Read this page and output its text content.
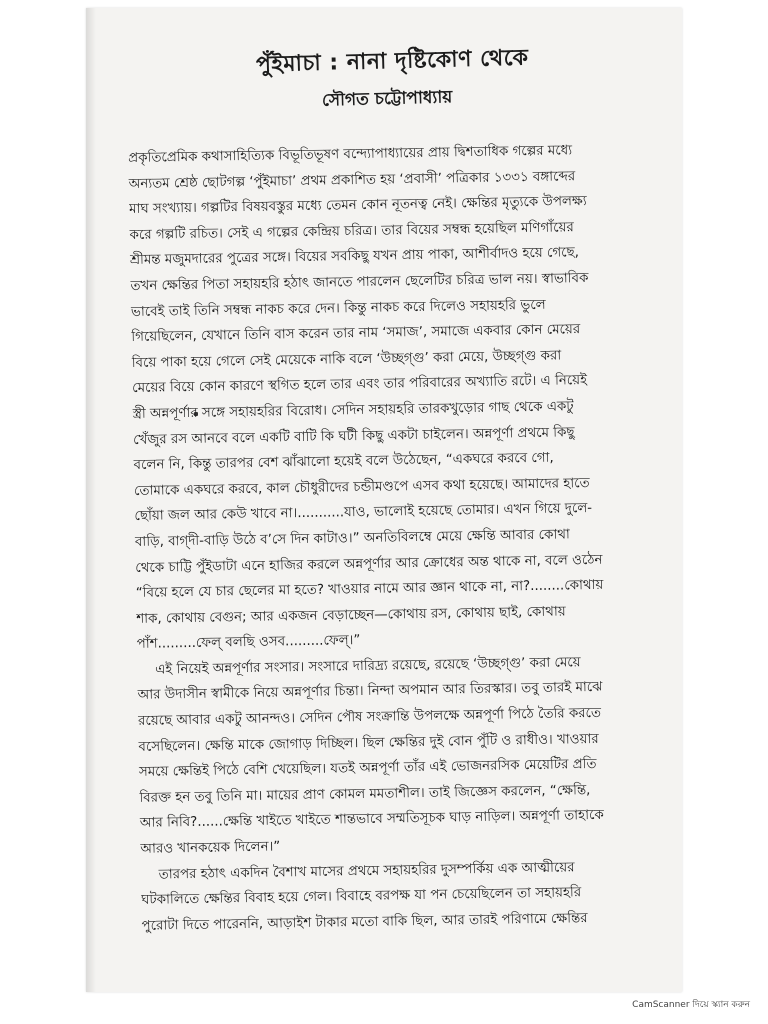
পুঁইমাচা : নানা দৃষ্টিকোণ থেকে
সৌগত চট্টোপাধ্যায়
প্রকৃতিপ্রেমিক কথাসাহিত্যিক বিভূতিভূষণ বন্দ্যোপাধ্যায়ের প্রায় দ্বিশতাধিক গল্পের মধ্যে
অন্যতম শ্রেষ্ঠ ছোটগল্প ‘পুঁইমাচা’ প্রথম প্রকাশিত হয় ‘প্রবাসী’ পত্রিকার ১৩৩১ বঙ্গাব্দের
মাঘ সংখ্যায়। গল্পটির বিষয়বস্তুর মধ্যে তেমন কোন নূতনত্ব নেই। ক্ষেন্তির মৃত্যুকে উপলক্ষ্য
করে গল্পটি রচিত। সেই এ গল্পের কেন্দ্রিয় চরিত্র। তার বিয়ের সম্বন্ধ হয়েছিল মণিগাঁয়ের
শ্রীমন্ত মজুমদারের পুত্রের সঙ্গে। বিয়ের সবকিছু যখন প্রায় পাকা, আশীর্বাদও হয়ে গেছে,
তখন ক্ষেন্তির পিতা সহায়হরি হঠাৎ জানতে পারলেন ছেলেটির চরিত্র ভাল নয়। স্বাভাবিক
ভাবেই তাই তিনি সম্বন্ধ নাকচ করে দেন। কিন্তু নাকচ করে দিলেও সহায়হরি ভুলে
গিয়েছিলেন, যেখানে তিনি বাস করেন তার নাম ‘সমাজ’, সমাজে একবার কোন মেয়ের
বিয়ে পাকা হয়ে গেলে সেই মেয়েকে নাকি বলে ‘উচ্ছগ্‌গু’ করা মেয়ে, উচ্ছগ্‌গু করা
মেয়ের বিয়ে কোন কারণে স্থগিত হলে তার এবং তার পরিবারের অখ্যাতি রটে। এ নিয়েই
স্ত্রী অন্নপূর্ণার সঙ্গে সহায়হরির বিরোধ। সেদিন সহায়হরি তারকখুড়োর গাছ থেকে একটু
খেঁজুর রস আনবে বলে একটি বাটি কি ঘটী কিছু একটা চাইলেন। অন্নপূর্ণা প্রথমে কিছু
বলেন নি, কিন্তু তারপর বেশ ঝাঁঝালো হয়েই বলে উঠেছেন, “একঘরে করবে গো,
তোমাকে একঘরে করবে, কাল চৌধুরীদের চন্ডীমণ্ডপে এসব কথা হয়েছে। আমাদের হাতে
ছোঁয়া জল আর কেউ খাবে না।...........যাও, ভালোই হয়েছে তোমার। এখন গিয়ে দুলে-
বাড়ি, বাগ্‌দী-বাড়ি উঠে ব’সে দিন কাটাও।” অনতিবিলম্বে মেয়ে ক্ষেন্তি আবার কোথা
থেকে চাট্টি পুঁইডাটা এনে হাজির করলে অন্নপূর্ণার আর ক্রোধের অন্ত থাকে না, বলে ওঠেন
“বিয়ে হলে যে চার ছেলের মা হতে? খাওয়ার নামে আর জ্ঞান থাকে না, না?........কোথায়
শাক, কোথায় বেগুন; আর একজন বেড়াচ্ছেন—কোথায় রস, কোথায় ছাই, কোথায়
পাঁশ.........ফেল্‌ বলছি ওসব.........ফেল্‌।”
এই নিয়েই অন্নপূর্ণার সংসার। সংসারে দারিদ্র্য রয়েছে, রয়েছে ‘উচ্ছগ্‌গু’ করা মেয়ে
আর উদাসীন স্বামীকে নিয়ে অন্নপূর্ণার চিন্তা। নিন্দা অপমান আর তিরস্কার। তবু তারই মাঝে
রয়েছে আবার একটু আনন্দও। সেদিন পৌষ সংক্রান্তি উপলক্ষে অন্নপূর্ণা পিঠে তৈরি করতে
বসেছিলেন। ক্ষেন্তি মাকে জোগাড় দিচ্ছিল। ছিল ক্ষেন্তির দুই বোন পুঁটি ও রাধীও। খাওয়ার
সময়ে ক্ষেন্তিই পিঠে বেশি খেয়েছিল। যতই অন্নপূর্ণা তাঁর এই ভোজনরসিক মেয়েটির প্রতি
বিরক্ত হন তবু তিনি মা। মায়ের প্রাণ কোমল মমতাশীল। তাই জিজ্ঞেস করলেন, “ক্ষেন্তি,
আর নিবি?......ক্ষেন্তি খাইতে খাইতে শান্তভাবে সম্মতিসূচক ঘাড় নাড়িল। অন্নপূর্ণা তাহাকে
আরও খানকয়েক দিলেন।”
তারপর হঠাৎ একদিন বৈশাখ মাসের প্রথমে সহায়হরির দুসম্পর্কিয় এক আত্মীয়ের
ঘটকালিতে ক্ষেন্তির বিবাহ হয়ে গেল। বিবাহে বরপক্ষ যা পন চেয়েছিলেন তা সহায়হরি
পুরোটা দিতে পারেননি, আড়াইশ টাকার মতো বাকি ছিল, আর তারই পরিণামে ক্ষেন্তির
CamScanner দিয়ে স্ক্যান করুন
